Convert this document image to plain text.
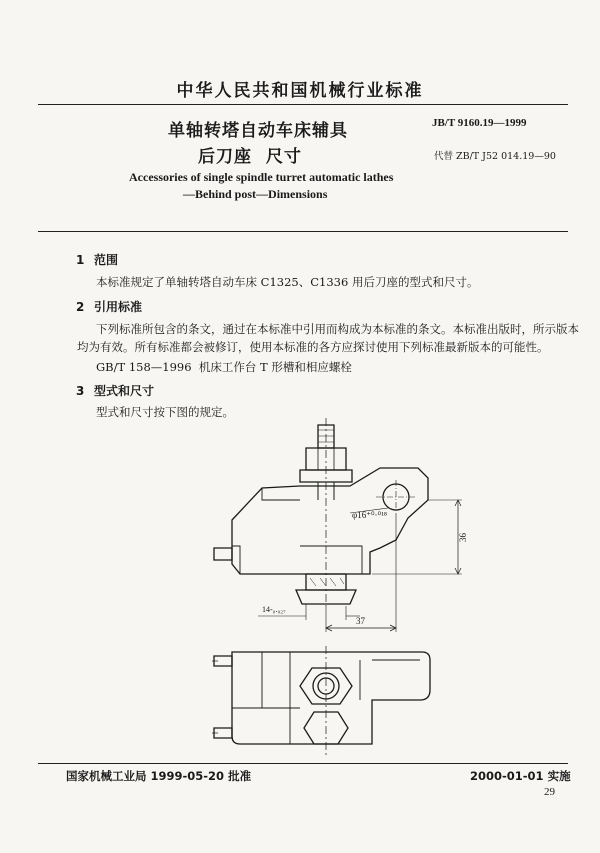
中华人民共和国机械行业标准
单轴转塔自动车床辅具
后刀座  尺寸
JB/T 9160.19—1999
代替 ZB/T J52 014.19—90
Accessories of single spindle turret automatic lathes
—Behind post—Dimensions
1 范围
本标准规定了单轴转塔自动车床 C1325、C1336 用后刀座的型式和尺寸。
2 引用标准
下列标准所包含的条文，通过在本标准中引用而构成为本标准的条文。本标准出版时，所示版本
均为有效。所有标准都会被修订，使用本标准的各方应探讨使用下列标准最新版本的可能性。
GB/T 158—1996  机床工作台 T 形槽和相应螺栓
3 型式和尺寸
型式和尺寸按下图的规定。
φ16⁺⁰·⁰¹⁸
36
37
14-₀.₀₂₇
国家机械工业局 1999-05-20 批准	2000-01-01 实施
29
